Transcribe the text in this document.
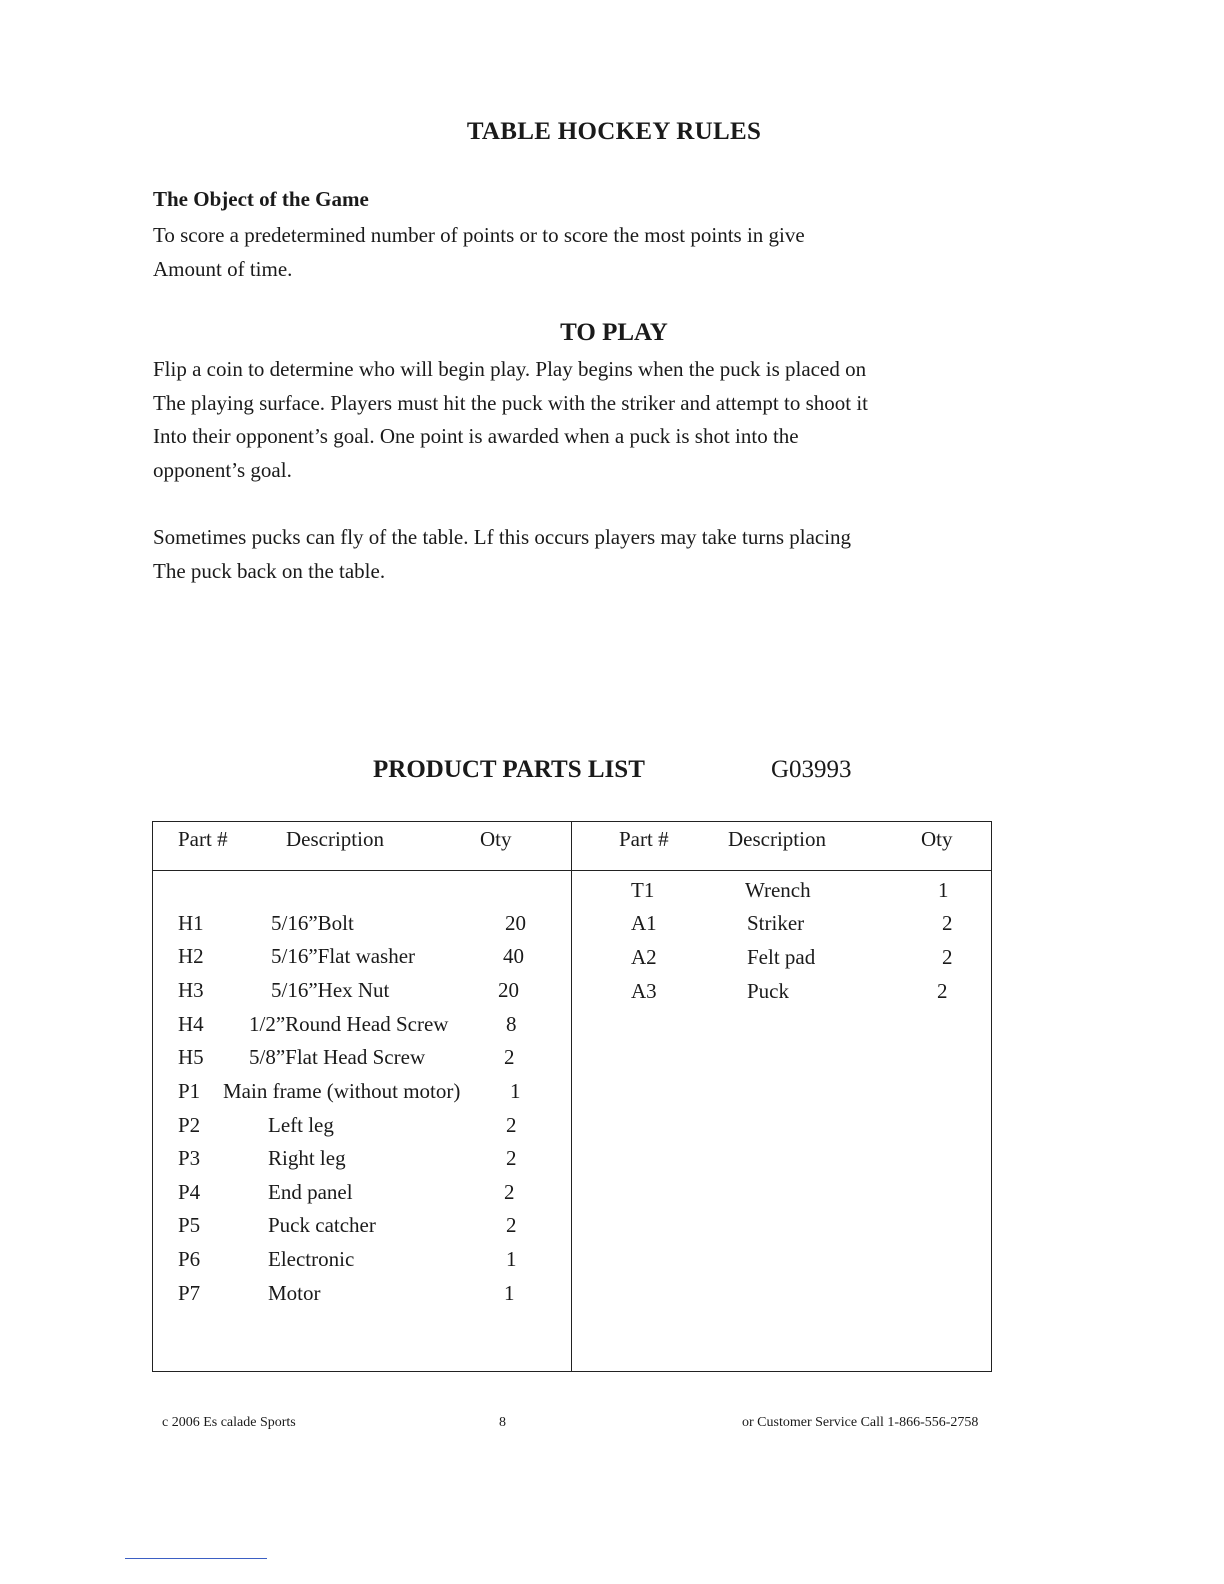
TABLE HOCKEY RULES
The Object of the Game

To score a predetermined number of points or to score the most points in give

Amount of time.

TO PLAY

Flip a coin to determine who will begin play. Play begins when the puck is placed on

The playing surface. Players must hit the puck with the striker and attempt to shoot it

Into their opponent’s goal. One point is awarded when a puck is shot into the

opponent’s goal.

Sometimes pucks can fly of the table. Lf this occurs players may take turns placing

The puck back on the table.

PRODUCT PARTS LIST	G03993
Part #	Description	Oty	Part #	Description	Oty
H1	5/16”Bolt	20
H2	5/16”Flat washer	40
H3	5/16”Hex Nut	20
H4 1/2”Round Head Screw	8
H5 5/8”Flat Head Screw	2
P1 Main frame (without motor) 1
P2	Left leg	2
P3	Right leg	2
P4	End panel	2
P5	Puck catcher	2
P6	Electronic	1
P7	Motor	1
T1	Wrench	1
A1	Striker	2
A2	Felt pad	2
A3	Puck	2
c 2006 Es calade Sports	8	or Customer Service Call 1-866-556-2758
